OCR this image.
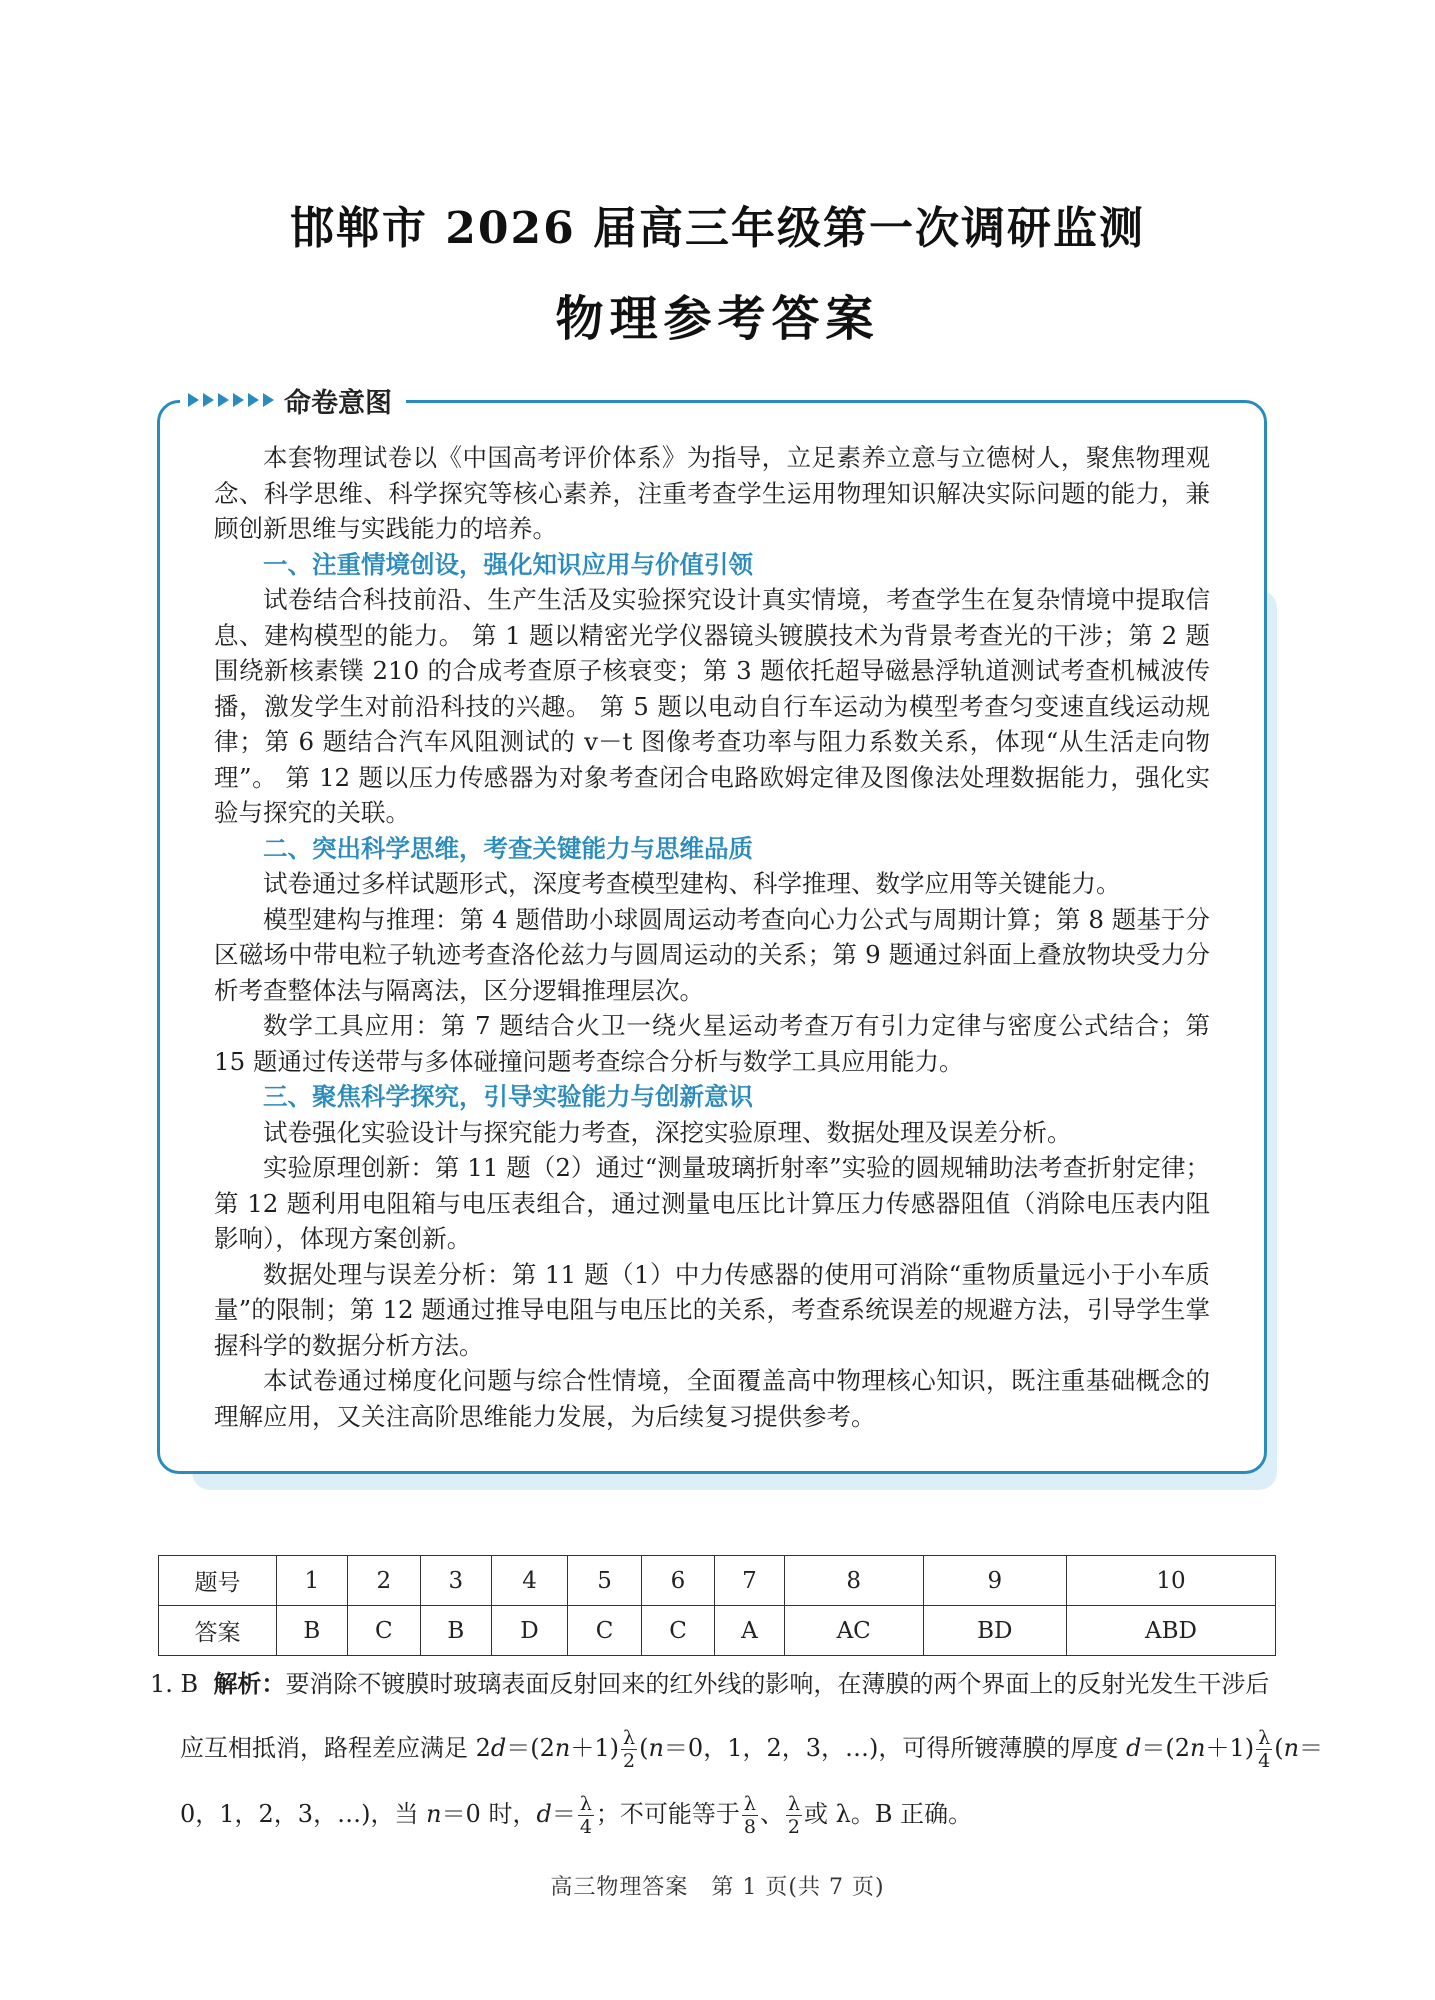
邯郸市 2026 届高三年级第一次调研监测
物理参考答案
命卷意图

本套物理试卷以《中国高考评价体系》为指导，立足素养立意与立德树人，聚焦物理观念、科学思维、科学探究等核心素养，注重考查学生运用物理知识解决实际问题的能力，兼顾创新思维与实践能力的培养。

一、注重情境创设，强化知识应用与价值引领

试卷结合科技前沿、生产生活及实验探究设计真实情境，考查学生在复杂情境中提取信息、建构模型的能力。 第 1 题以精密光学仪器镜头镀膜技术为背景考查光的干涉；第 2 题围绕新核素镤 210 的合成考查原子核衰变；第 3 题依托超导磁悬浮轨道测试考查机械波传播，激发学生对前沿科技的兴趣。 第 5 题以电动自行车运动为模型考查匀变速直线运动规律；第 6 题结合汽车风阻测试的 v－t 图像考查功率与阻力系数关系，体现“从生活走向物理”。 第 12 题以压力传感器为对象考查闭合电路欧姆定律及图像法处理数据能力，强化实验与探究的关联。

二、突出科学思维，考查关键能力与思维品质

试卷通过多样试题形式，深度考查模型建构、科学推理、数学应用等关键能力。

模型建构与推理：第 4 题借助小球圆周运动考查向心力公式与周期计算；第 8 题基于分区磁场中带电粒子轨迹考查洛伦兹力与圆周运动的关系；第 9 题通过斜面上叠放物块受力分析考查整体法与隔离法，区分逻辑推理层次。

数学工具应用：第 7 题结合火卫一绕火星运动考查万有引力定律与密度公式结合；第 15 题通过传送带与多体碰撞问题考查综合分析与数学工具应用能力。

三、聚焦科学探究，引导实验能力与创新意识

试卷强化实验设计与探究能力考查，深挖实验原理、数据处理及误差分析。

实验原理创新：第 11 题（2）通过“测量玻璃折射率”实验的圆规辅助法考查折射定律；第 12 题利用电阻箱与电压表组合，通过测量电压比计算压力传感器阻值（消除电压表内阻影响），体现方案创新。

数据处理与误差分析：第 11 题（1）中力传感器的使用可消除“重物质量远小于小车质量”的限制；第 12 题通过推导电阻与电压比的关系，考查系统误差的规避方法，引导学生掌握科学的数据分析方法。

本试卷通过梯度化问题与综合性情境，全面覆盖高中物理核心知识，既注重基础概念的理解应用，又关注高阶思维能力发展，为后续复习提供参考。

题号	1	2	3	4	5	6	7	8	9	10
答案	B	C	B	D	C	C	A	AC	BD	ABD
1. B 解析：要消除不镀膜时玻璃表面反射回来的红外线的影响，在薄膜的两个界面上的反射光发生干涉后
应互相抵消，路程差应满足 $2d=(2n+1) \frac{\lambda}{2} (n=0$，1，2，3，…)，可得所镀薄膜的厚度 $d=(2n+1) \frac{\lambda}{4} (n=$
0，1，2，3，…)，当 n＝0 时，$d= \frac{\lambda}{4}$ ；不可能等于 $\frac{\lambda}{8}$ 、 $\frac{\lambda}{2}$ 或 λ。B 正确。
高三物理答案　第 1 页(共 7 页)
